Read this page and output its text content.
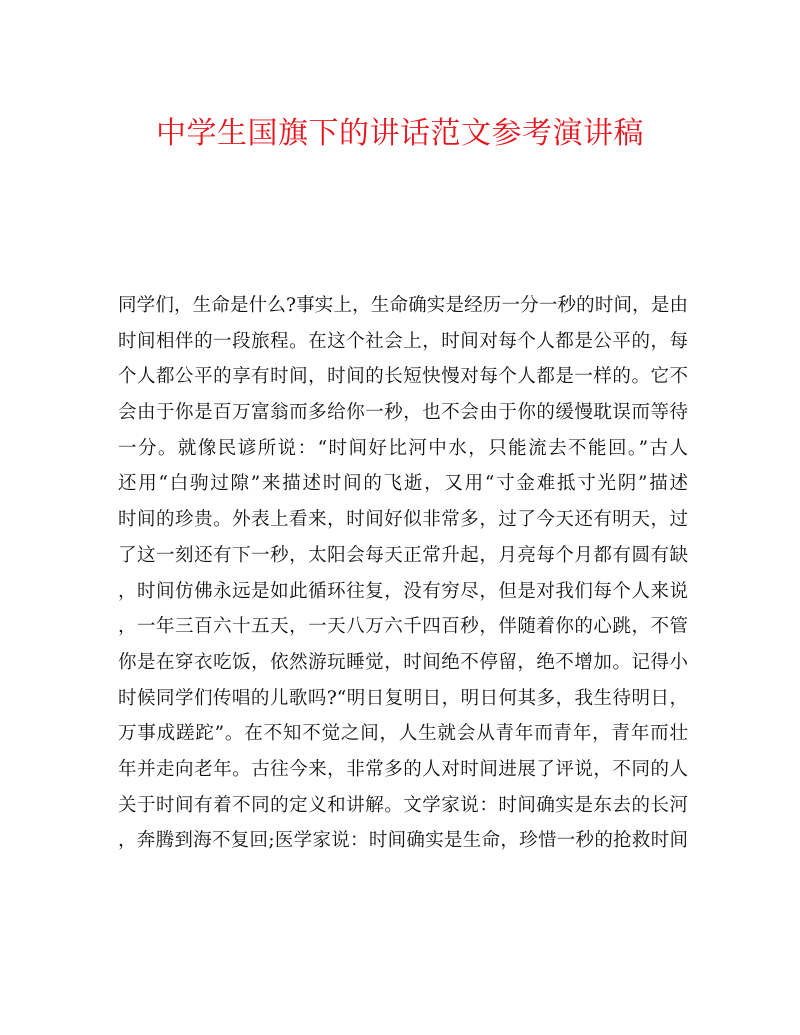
中学生国旗下的讲话范文参考演讲稿
同学们，生命是什么?事实上，生命确实是经历一分一秒的时间，是由
时间相伴的一段旅程。在这个社会上，时间对每个人都是公平的，每
个人都公平的享有时间，时间的长短快慢对每个人都是一样的。它不
会由于你是百万富翁而多给你一秒，也不会由于你的缓慢耽误而等待
一分。就像民谚所说：“时间好比河中水，只能流去不能回。”古人
还用“白驹过隙”来描述时间的飞逝，又用“寸金难抵寸光阴”描述
时间的珍贵。外表上看来，时间好似非常多，过了今天还有明天，过
了这一刻还有下一秒，太阳会每天正常升起，月亮每个月都有圆有缺
，时间仿佛永远是如此循环往复，没有穷尽，但是对我们每个人来说
，一年三百六十五天，一天八万六千四百秒，伴随着你的心跳，不管
你是在穿衣吃饭，依然游玩睡觉，时间绝不停留，绝不增加。记得小
时候同学们传唱的儿歌吗?“明日复明日，明日何其多，我生待明日，
万事成蹉跎”。在不知不觉之间，人生就会从青年而青年，青年而壮
年并走向老年。古往今来，非常多的人对时间进展了评说，不同的人
关于时间有着不同的定义和讲解。文学家说：时间确实是东去的长河
，奔腾到海不复回;医学家说：时间确实是生命，珍惜一秒的抢救时间
